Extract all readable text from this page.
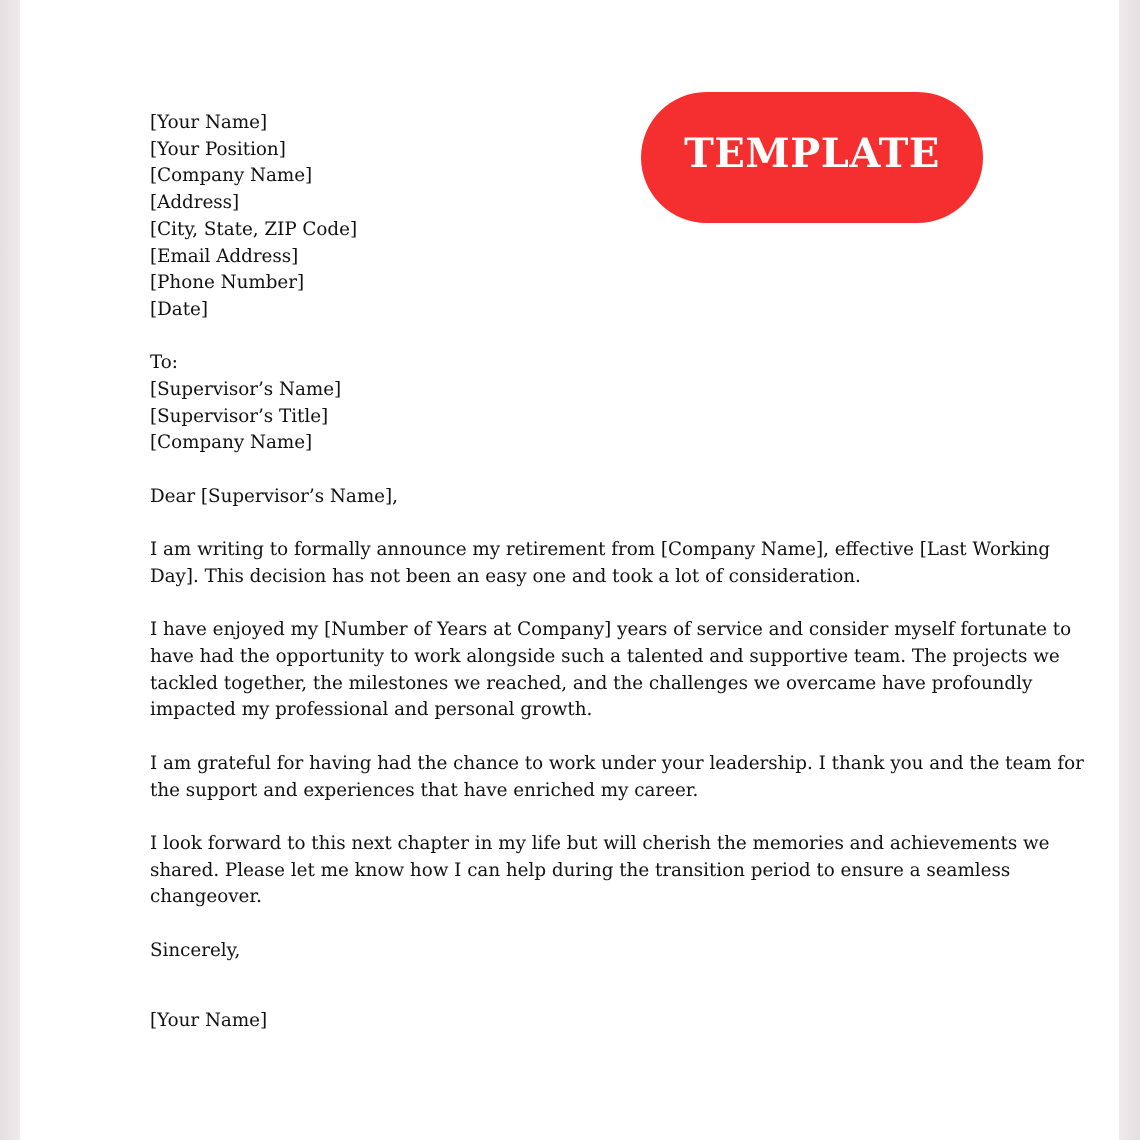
TEMPLATE
[Your Name]
[Your Position]
[Company Name]
[Address]
[City, State, ZIP Code]
[Email Address]
[Phone Number]
[Date]
To:
[Supervisor’s Name]
[Supervisor’s Title]
[Company Name]
Dear [Supervisor’s Name],
I am writing to formally announce my retirement from [Company Name], effective [Last Working
Day]. This decision has not been an easy one and took a lot of consideration.
I have enjoyed my [Number of Years at Company] years of service and consider myself fortunate to
have had the opportunity to work alongside such a talented and supportive team. The projects we
tackled together, the milestones we reached, and the challenges we overcame have profoundly
impacted my professional and personal growth.
I am grateful for having had the chance to work under your leadership. I thank you and the team for
the support and experiences that have enriched my career.
I look forward to this next chapter in my life but will cherish the memories and achievements we
shared. Please let me know how I can help during the transition period to ensure a seamless
changeover.
Sincerely,
[Your Name]
